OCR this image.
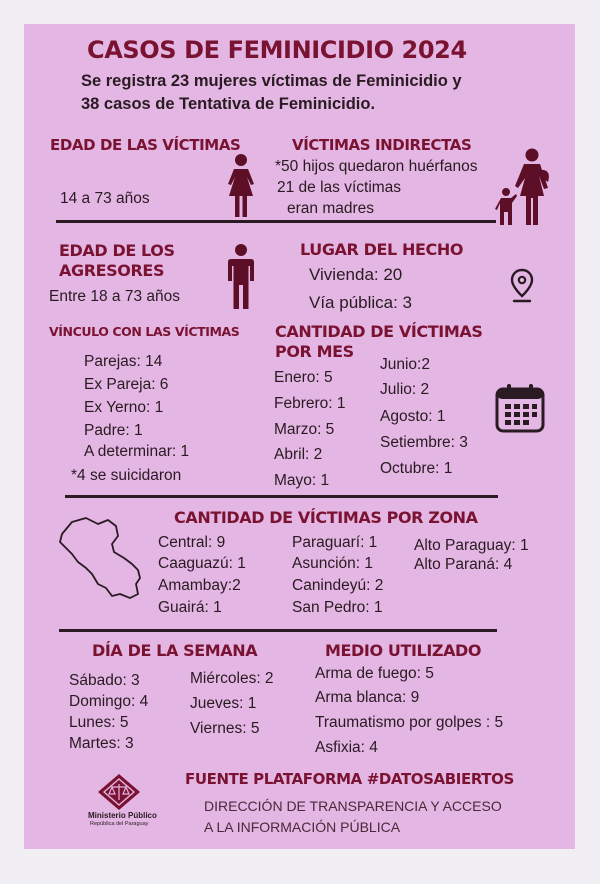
CASOS DE FEMINICIDIO 2024
Se registra 23 mujeres víctimas de Feminicidio y
38 casos de Tentativa de Feminicidio.
EDAD DE LAS VÍCTIMAS
14 a 73 años
VÍCTIMAS INDIRECTAS
*50 hijos quedaron huérfanos
21 de las víctimas
eran madres
EDAD DE LOS
AGRESORES
Entre 18 a 73 años
LUGAR DEL HECHO
Vivienda: 20
Vía pública: 3
VÍNCULO CON LAS VÍCTIMAS
Parejas: 14
Ex Pareja: 6
Ex Yerno: 1
Padre: 1
A determinar: 1
*4 se suicidaron
CANTIDAD DE VÍCTIMAS
POR MES
Enero: 5
Febrero: 1
Marzo: 5
Abril: 2
Mayo: 1
Junio:2
Julio: 2
Agosto: 1
Setiembre: 3
Octubre: 1
CANTIDAD DE VÍCTIMAS POR ZONA
Central: 9
Caaguazú: 1
Amambay:2
Guairá: 1
Paraguarí: 1
Asunción: 1
Canindeyú: 2
San Pedro: 1
Alto Paraguay: 1
Alto Paraná: 4
DÍA DE LA SEMANA
Sábado: 3
Domingo: 4
Lunes: 5
Martes: 3
Miércoles: 2
Jueves: 1
Viernes: 5
MEDIO UTILIZADO
Arma de fuego: 5
Arma blanca: 9
Traumatismo por golpes : 5
Asfixia: 4
Ministerio Público
República del Paraguay
FUENTE PLATAFORMA #DATOSABIERTOS
DIRECCIÓN DE TRANSPARENCIA Y ACCESO
A LA INFORMACIÓN PÚBLICA
